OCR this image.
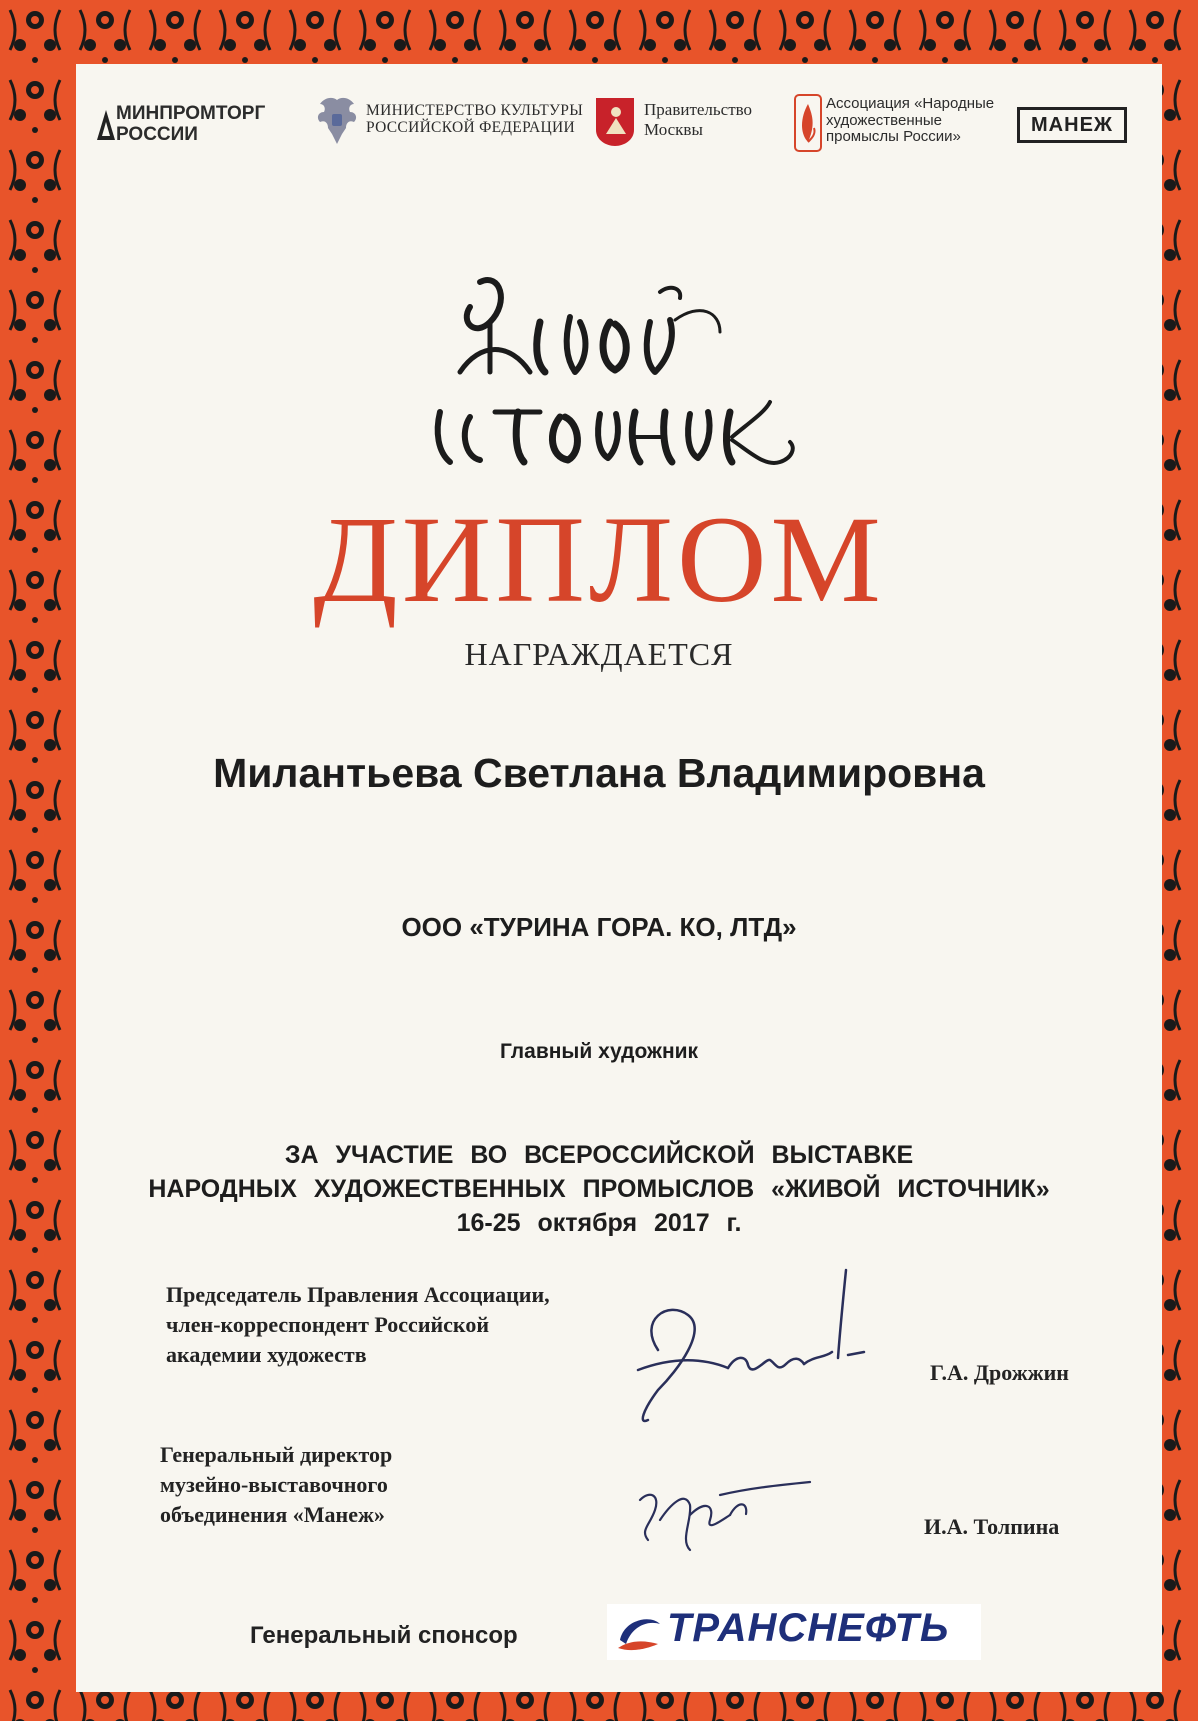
МИНПРОМТОРГ
РОССИИ
МИНИСТЕРСТВО КУЛЬТУРЫ
РОССИЙСКОЙ ФЕДЕРАЦИИ
Правительство
Москвы
Ассоциация «Народные
художественные
промыслы России»
МАНЕЖ
ДИПЛОМ
НАГРАЖДАЕТСЯ
Милантьева Светлана Владимировна
ООО «ТУРИНА ГОРА. КО, ЛТД»
Главный художник
ЗА УЧАСТИЕ ВО ВСЕРОССИЙСКОЙ ВЫСТАВКЕ
НАРОДНЫХ ХУДОЖЕСТВЕННЫХ ПРОМЫСЛОВ «ЖИВОЙ ИСТОЧНИК»
16-25 октября 2017 г.
Председатель Правления Ассоциации,
член-корреспондент Российской
академии художеств
Г.А. Дрожжин
Генеральный директор
музейно-выставочного
объединения «Манеж»	И.А. Толпина
Генеральный спонсор	ТРАНСНЕФТЬ
